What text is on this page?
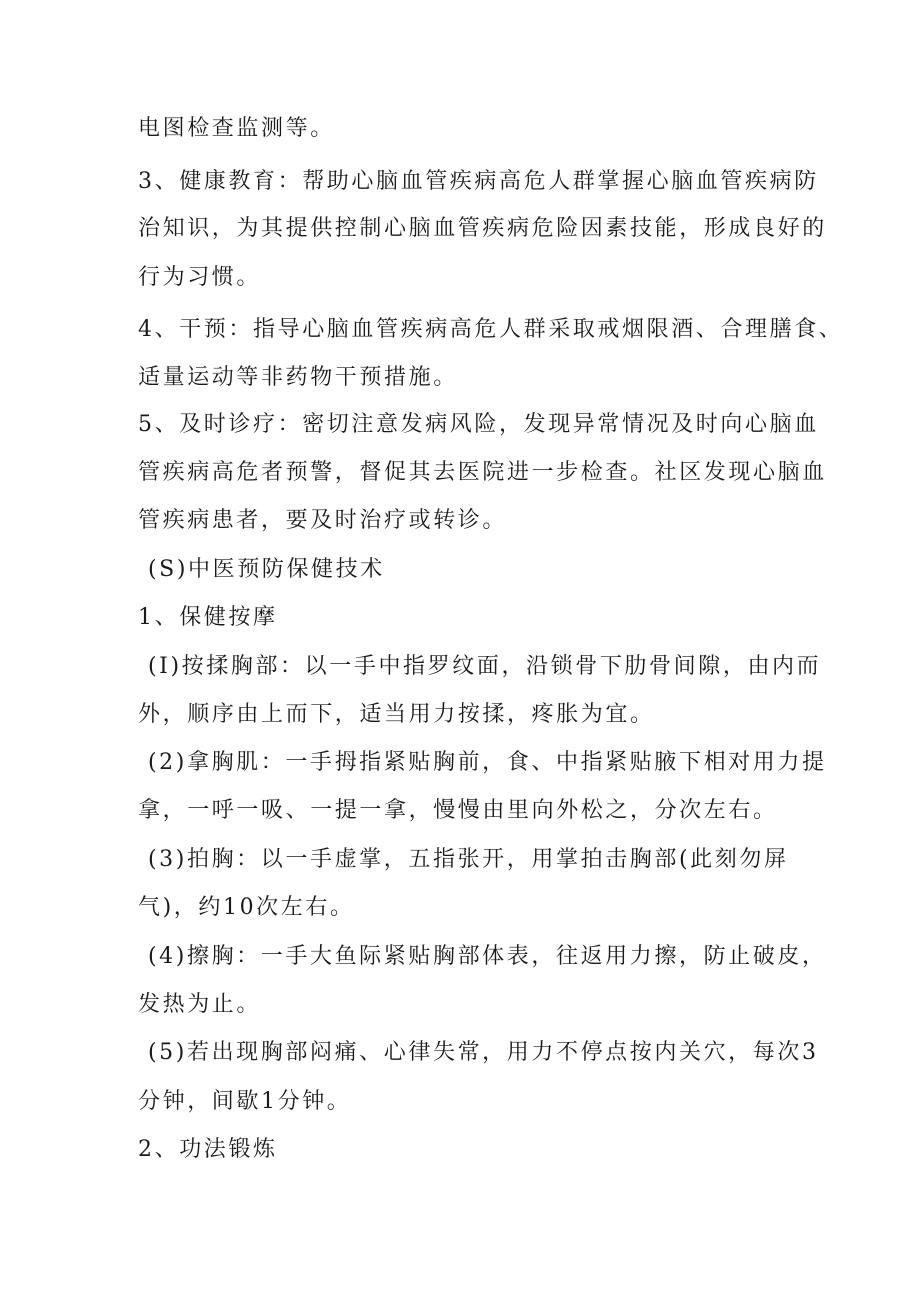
电图检查监测等。
3、健康教育：帮助心脑血管疾病高危人群掌握心脑血管疾病防
治知识，为其提供控制心脑血管疾病危险因素技能，形成良好的
行为习惯。
4、干预：指导心脑血管疾病高危人群采取戒烟限酒、合理膳食、
适量运动等非药物干预措施。
5、及时诊疗：密切注意发病风险，发现异常情况及时向心脑血
管疾病高危者预警，督促其去医院进一步检查。社区发现心脑血
管疾病患者，要及时治疗或转诊。
(S)中医预防保健技术
1、保健按摩
(I)按揉胸部：以一手中指罗纹面，沿锁骨下肋骨间隙，由内而
外，顺序由上而下，适当用力按揉，疼胀为宜。
(2)拿胸肌：一手拇指紧贴胸前，食、中指紧贴腋下相对用力提
拿，一呼一吸、一提一拿，慢慢由里向外松之，分次左右。
(3)拍胸：以一手虚掌，五指张开，用掌拍击胸部(此刻勿屏
气)，约10次左右。
(4)擦胸：一手大鱼际紧贴胸部体表，往返用力擦，防止破皮，
发热为止。
(5)若出现胸部闷痛、心律失常，用力不停点按内关穴，每次3
分钟，间歇1分钟。
2、功法锻炼
